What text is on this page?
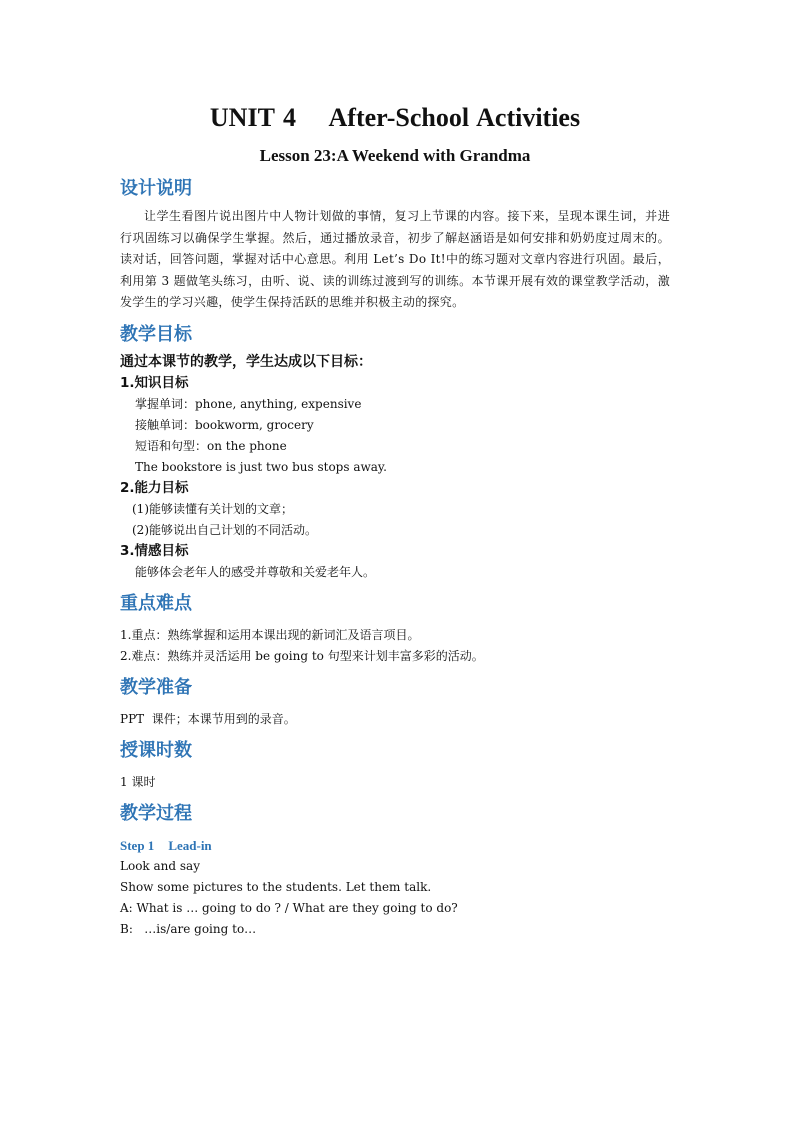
UNIT 4    After-School Activities
Lesson 23:A Weekend with Grandma
设计说明

让学生看图片说出图片中人物计划做的事情，复习上节课的内容。接下来，呈现本课生词，并进行巩固练习以确保学生掌握。然后，通过播放录音，初步了解赵涵语是如何安排和奶奶度过周末的。读对话，回答问题，掌握对话中心意思。利用 Let’s Do It!中的练习题对文章内容进行巩固。最后，利用第 3 题做笔头练习，由听、说、读的训练过渡到写的训练。本节课开展有效的课堂教学活动，激发学生的学习兴趣，使学生保持活跃的思维并积极主动的探究。

教学目标

通过本课节的教学，学生达成以下目标：

1.知识目标

掌握单词：phone, anything, expensive

接触单词：bookworm, grocery

短语和句型：on the phone

The bookstore is just two bus stops away.

2.能力目标

(1)能够读懂有关计划的文章；

(2)能够说出自己计划的不同活动。

3.情感目标

能够体会老年人的感受并尊敬和关爱老年人。

重点难点

1.重点：熟练掌握和运用本课出现的新词汇及语言项目。

2.难点：熟练并灵活运用 be going to 句型来计划丰富多彩的活动。

教学准备

PPT  课件；本课节用到的录音。

授课时数

1 课时

教学过程

Step 1 Lead-in

Look and say

Show some pictures to the students. Let them talk.

A: What is … going to do ? / What are they going to do?

B:   …is/are going to…
